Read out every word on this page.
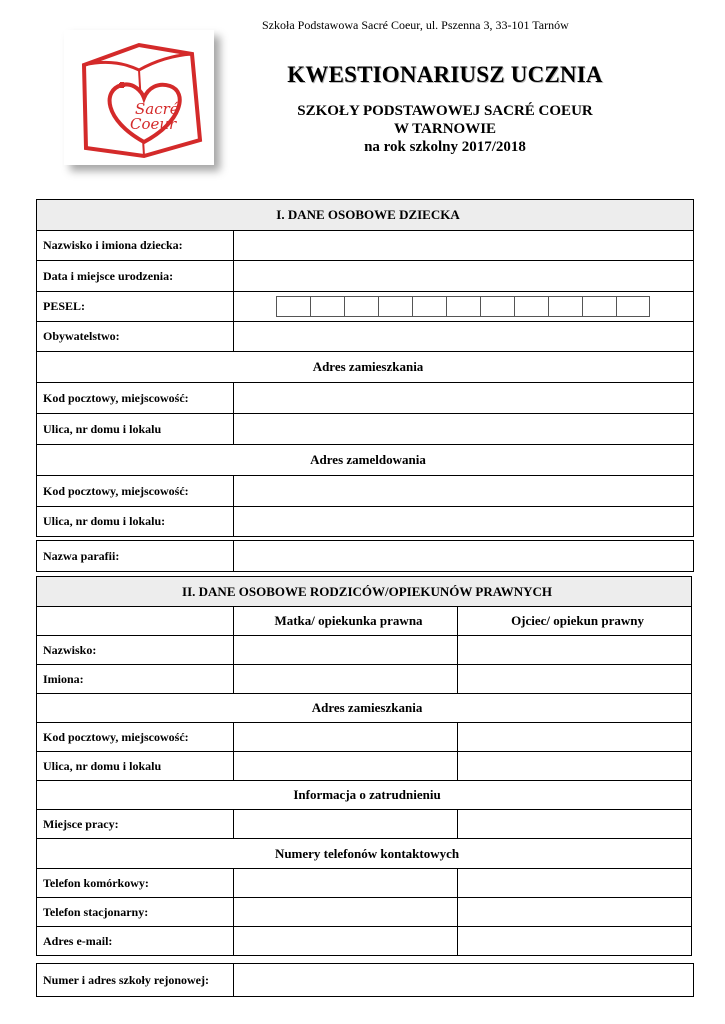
Szkoła Podstawowa Sacré Coeur, ul. Pszenna 3, 33-101 Tarnów
Sacré
Coeur
KWESTIONARIUSZ UCZNIA

SZKOŁY PODSTAWOWEJ SACRÉ COEUR

W TARNOWIE

na rok szkolny 2017/2018

I. DANE OSOBOWE DZIECKA	
Nazwisko i imiona dziecka:	
Data i miejsce urodzenia:	
PESEL:	

Obywatelstwo:	
Adres zamieszkania	
Kod pocztowy, miejscowość:	
Ulica, nr domu i lokalu	
Adres zameldowania	
Kod pocztowy, miejscowość:	
Ulica, nr domu i lokalu:	
Nazwa parafii:	
II. DANE OSOBOWE RODZICÓW/OPIEKUNÓW PRAWNYCH		
	Matka/ opiekunka prawna	Ojciec/ opiekun prawny
Nazwisko:		
Imiona:		
Adres zamieszkania		
Kod pocztowy, miejscowość:		
Ulica, nr domu i lokalu		
Informacja o zatrudnieniu		
Miejsce pracy:		
Numery telefonów kontaktowych		
Telefon komórkowy:		
Telefon stacjonarny:		
Adres e-mail:		
Numer i adres szkoły rejonowej:	
